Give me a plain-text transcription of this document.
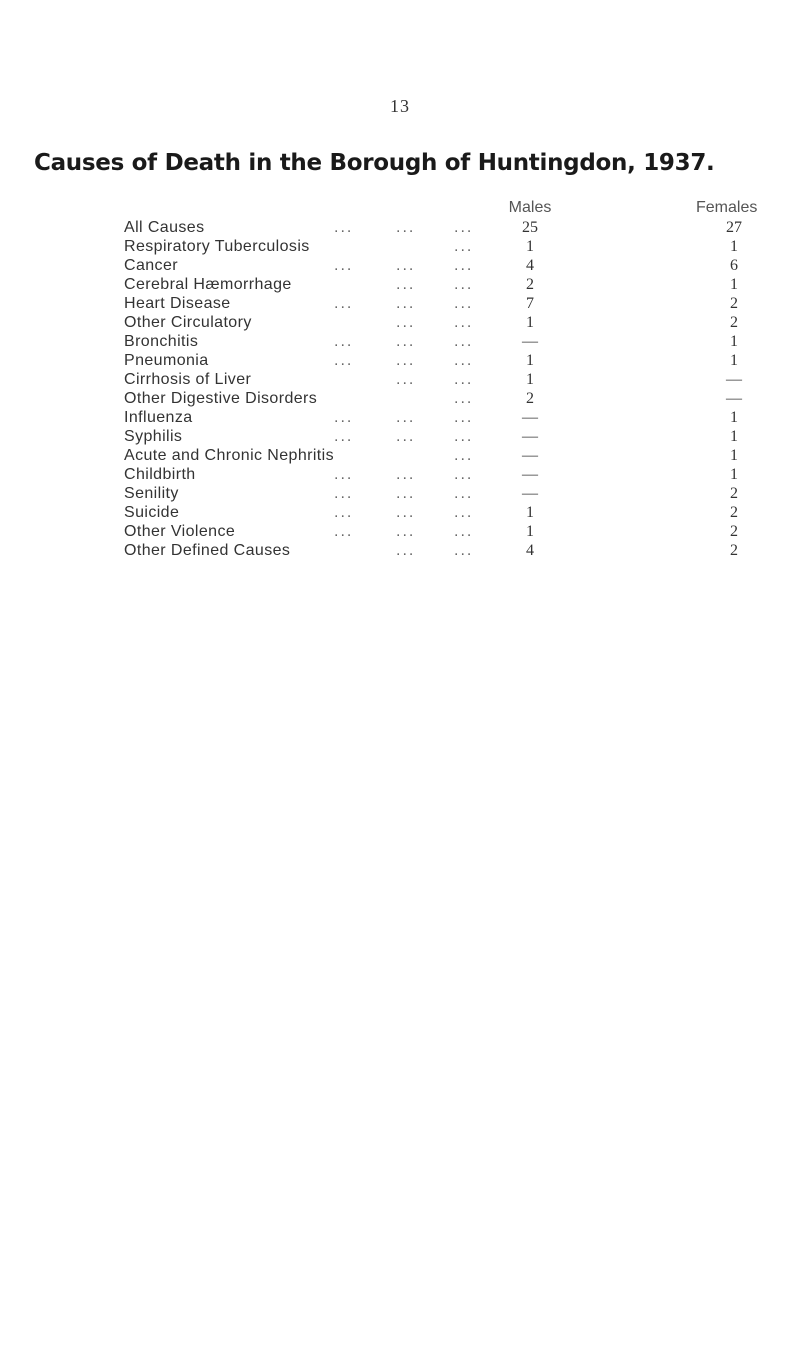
13
Causes of Death in the Borough of Huntingdon, 1937.
Males	Females
All Causes	...	... ...	25	27
Respiratory Tuberculosis	...	1	1
Cancer	...	... ...	4	6
Cerebral Hæmorrhage	... ...	2	1
Heart Disease	...	... ...	7	2
Other Circulatory	... ...	1	2
Bronchitis	...	... ...	—	1
Pneumonia	...	... ...	1	1
Cirrhosis of Liver	... ...	1	—
Other Digestive Disorders	...	2	—
Influenza	...	... ...	—	1
Syphilis	...	... ...	—	1
Acute and Chronic Nephritis	...	—	1
Childbirth	...	... ...	—	1
Senility	...	... ...	—	2
Suicide	...	... ...	1	2
Other Violence	...	... ...	1	2
Other Defined Causes	... ...	4	2
